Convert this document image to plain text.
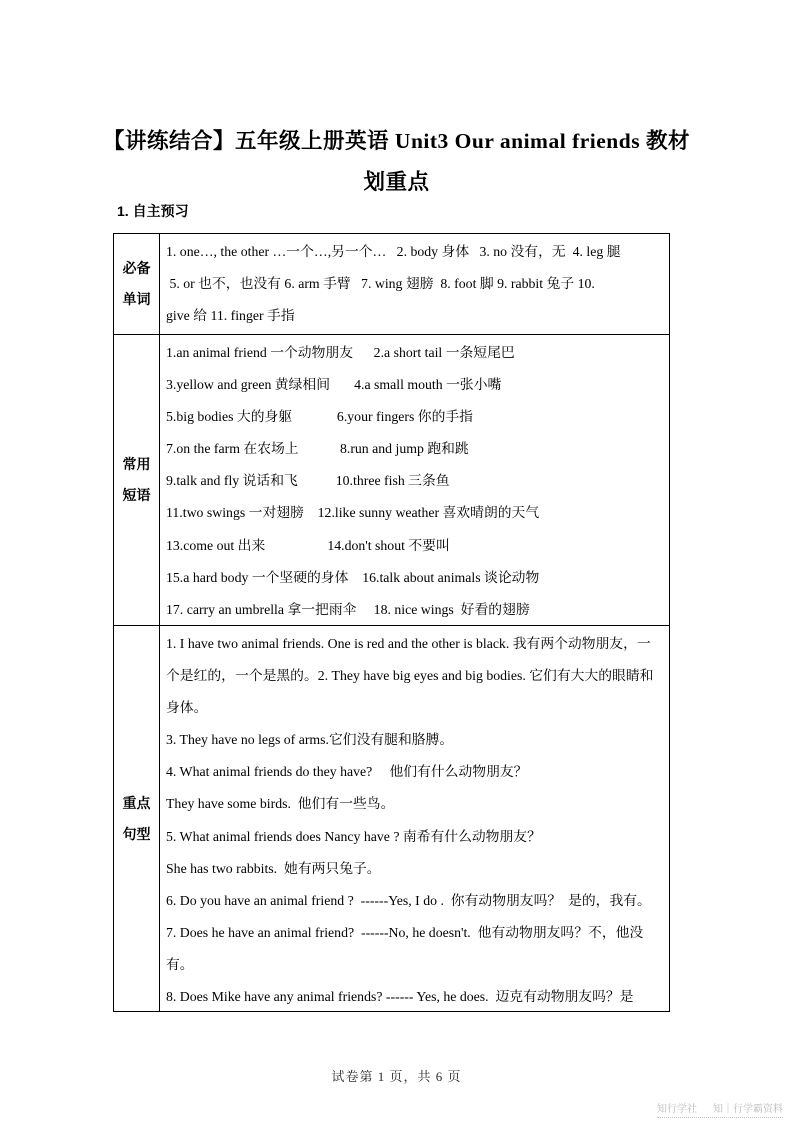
【讲练结合】五年级上册英语 Unit3 Our animal friends 教材
划重点
1. 自主预习
必备
单词
1. one…, the other …一个…,另一个…   2. body 身体   3. no 没有，无  4. leg 腿
5. or 也不，也没有 6. arm 手臂   7. wing 翅膀  8. foot 脚 9. rabbit 兔子 10.
give 给 11. finger 手指
常用
短语
1.an animal friend 一个动物朋友      2.a short tail 一条短尾巴
3.yellow and green 黄绿相间       4.a small mouth 一张小嘴
5.big bodies 大的身躯             6.your fingers 你的手指
7.on the farm 在农场上            8.run and jump 跑和跳
9.talk and fly 说话和飞           10.three fish 三条鱼
11.two swings 一对翅膀    12.like sunny weather 喜欢晴朗的天气
13.come out 出来                  14.don't shout 不要叫
15.a hard body 一个坚硬的身体    16.talk about animals 谈论动物
17. carry an umbrella 拿一把雨伞     18. nice wings  好看的翅膀
重点
句型
1. I have two animal friends. One is red and the other is black. 我有两个动物朋友，一
个是红的，一个是黑的。2. They have big eyes and big bodies. 它们有大大的眼睛和
身体。
3. They have no legs of arms.它们没有腿和胳膊。
4. What animal friends do they have?     他们有什么动物朋友？
They have some birds.  他们有一些鸟。
5. What animal friends does Nancy have ? 南希有什么动物朋友？
She has two rabbits.  她有两只兔子。
6. Do you have an animal friend ?  ------Yes, I do .  你有动物朋友吗？  是的，我有。
7. Does he have an animal friend?  ------No, he doesn't.  他有动物朋友吗？不，他没
有。
8. Does Mike have any animal friends? ------ Yes, he does.  迈克有动物朋友吗？是
试卷第 1 页，共 6 页
知行学社 知｜行学霸资料
